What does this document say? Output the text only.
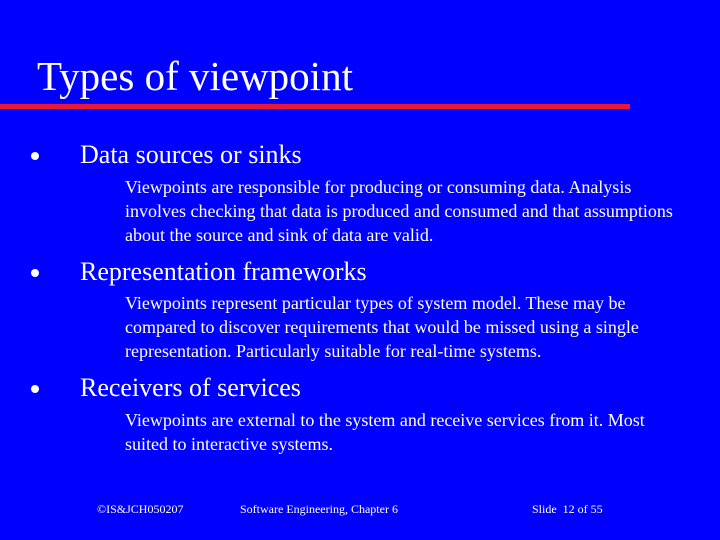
Types of viewpoint
Data sources or sinks
Viewpoints are responsible for producing or consuming data. Analysis involves checking that data is produced and consumed and that assumptions about the source and sink of data are valid.
Representation frameworks
Viewpoints represent particular types of system model. These may be compared to discover requirements that would be missed using a single representation. Particularly suitable for real-time systems.
Receivers of services
Viewpoints are external to the system and receive services from it. Most suited to interactive systems.
©IS&JCH050207	Software Engineering, Chapter 6	Slide  12 of 55
